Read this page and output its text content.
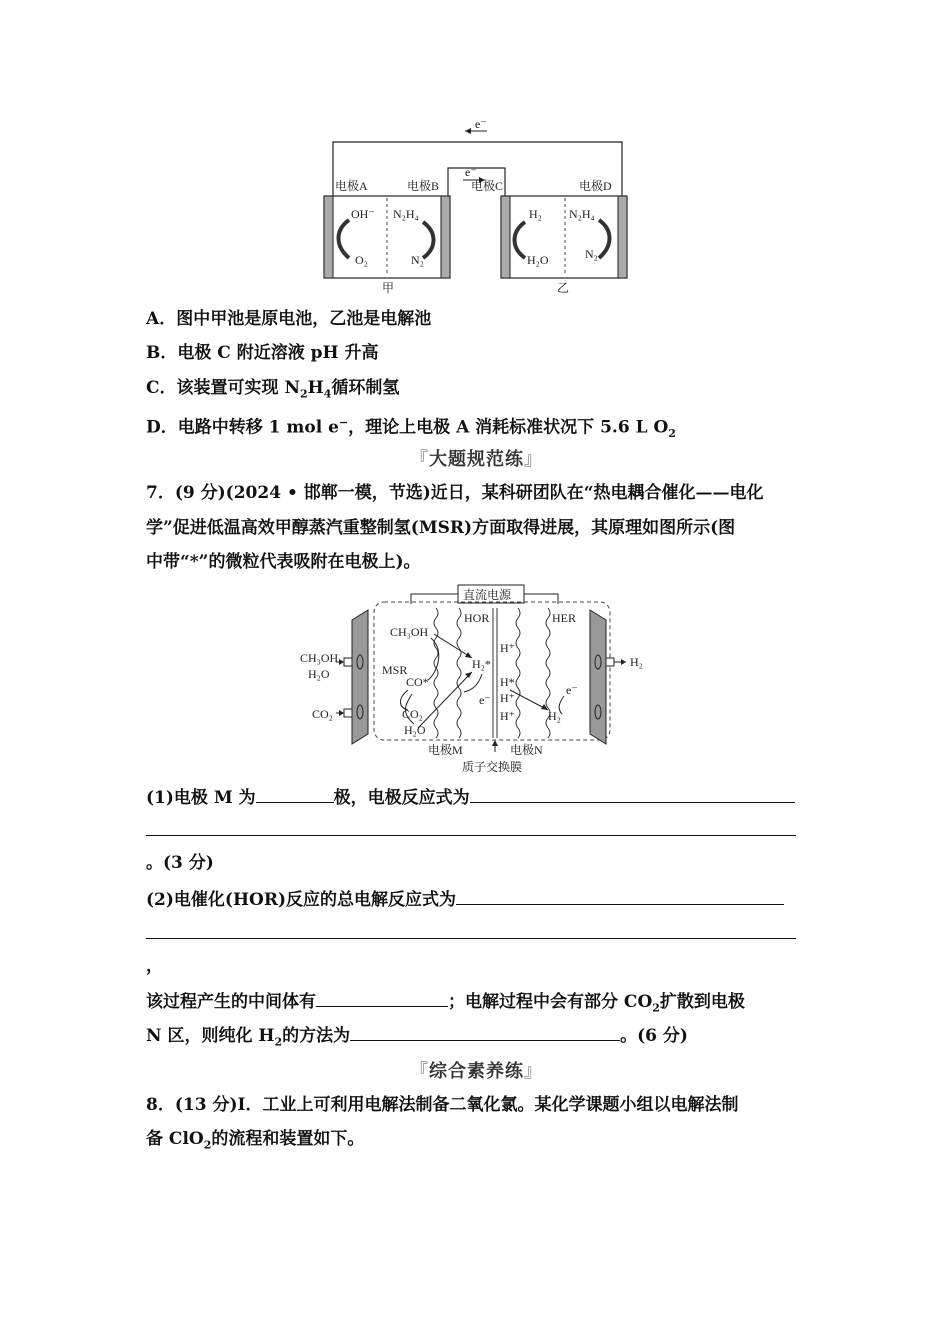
e⁻
e⁻
电极A	电极B	电极C	电极D
OH⁻ N₂H₄
O₂	N₂
甲
H₂ N₂H₄
H₂O	N₂
乙
A．图中甲池是原电池，乙池是电解池
B．电极 C 附近溶液 pH 升高
C．该装置可实现 $N_2H_4$循环制氢
D．电路中转移 1 mol e−，理论上电极 A 消耗标准状况下 5.6 L $O_2$
『大题规范练』
7．(9 分)(2024 • 邯郸一模，节选)近日，某科研团队在“热电耦合催化——电化
学”促进低温高效甲醇蒸汽重整制氢(MSR)方面取得进展，其原理如图所示(图
中带“*”的微粒代表吸附在电极上)。
直流电源
CH₃OH
H₂O
CO₂
H₂
CH₃OH
MSR
CO*
CO₂
H₂O
HOR	HER
H₂*
H⁺
H⁺
H⁺
H*
e⁻
e⁻
H₂
电极M	电极N
质子交换膜
(1)电极 M 为	极，电极反应式为
。(3 分)
(2)电催化(HOR)反应的总电解反应式为
，
该过程产生的中间体有	；电解过程中会有部分 $CO_2$扩散到电极
N 区，则纯化 $H_2$的方法为	。(6 分)
『综合素养练』
8．(13 分)Ⅰ．工业上可利用电解法制备二氧化氯。某化学课题小组以电解法制
备 ClO$_2$的流程和装置如下。
